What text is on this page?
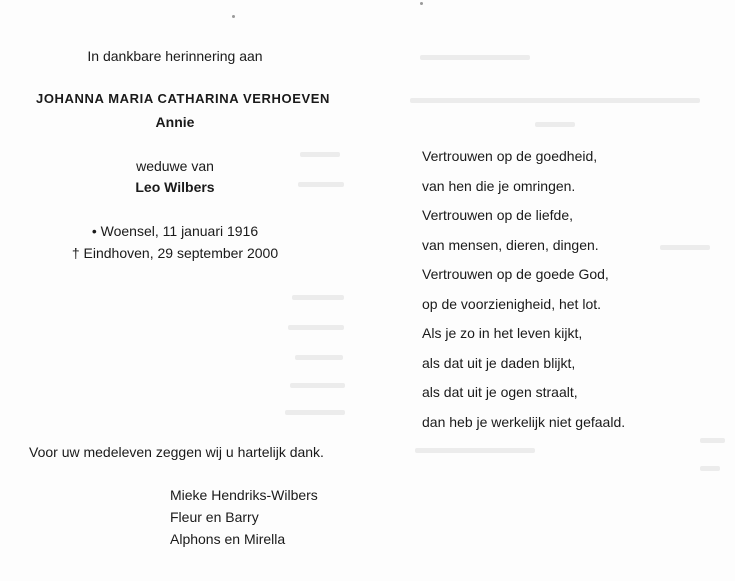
In dankbare herinnering aan
JOHANNA MARIA CATHARINA VERHOEVEN
Annie
weduwe van
Leo Wilbers
• Woensel, 11 januari 1916
† Eindhoven, 29 september 2000
Voor uw medeleven zeggen wij u hartelijk dank.
Mieke Hendriks-Wilbers
Fleur en Barry
Alphons en Mirella
Vertrouwen op de goedheid,
van hen die je omringen.
Vertrouwen op de liefde,
van mensen, dieren, dingen.
Vertrouwen op de goede God,
op de voorzienigheid, het lot.
Als je zo in het leven kijkt,
als dat uit je daden blijkt,
als dat uit je ogen straalt,
dan heb je werkelijk niet gefaald.
